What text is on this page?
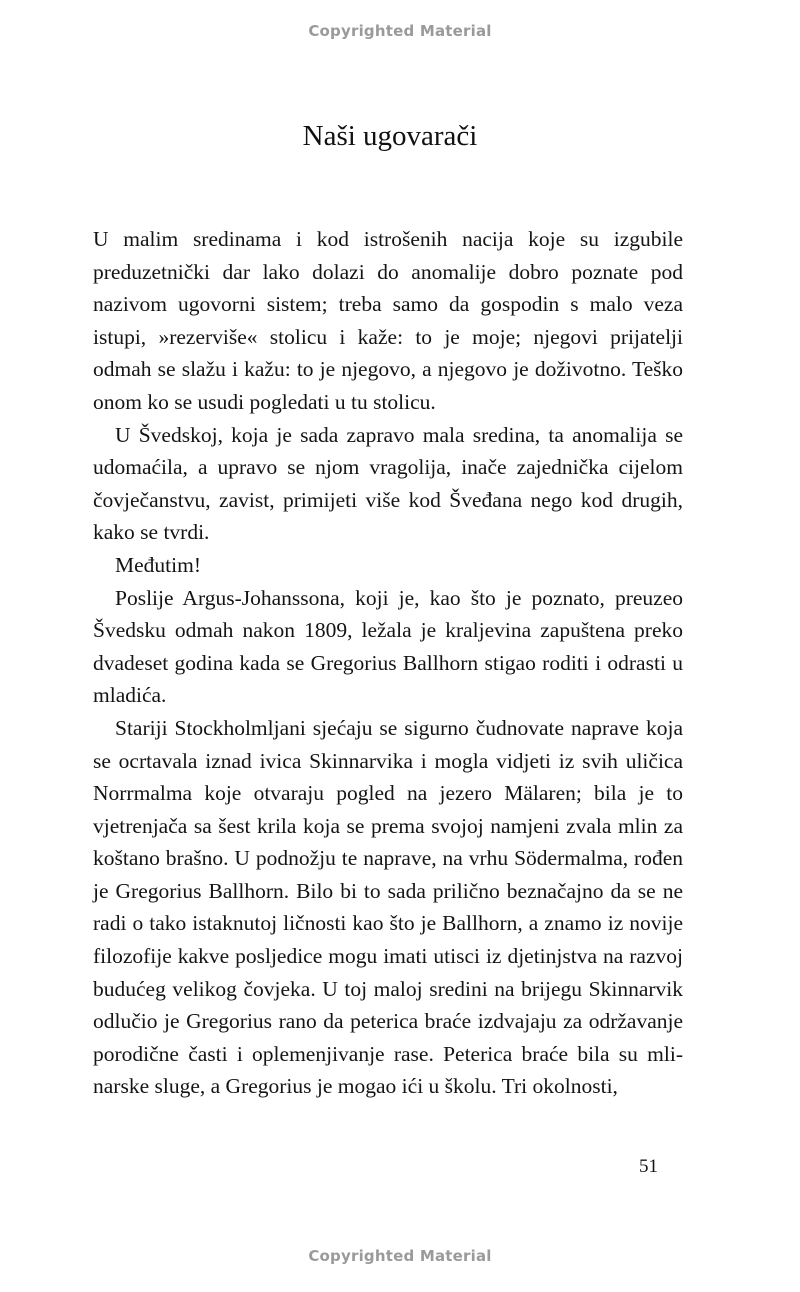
Copyrighted Material
Naši ugovarači

U malim sredinama i kod istrošenih nacija koje su izgubile preduzetnički dar lako dolazi do anomalije dobro poznate pod nazivom ugovorni sistem; treba samo da gospodin s malo veza istupi, »rezerviše« stolicu i kaže: to je moje; njegovi prijatelji odmah se slažu i kažu: to je njegovo, a njegovo je doživotno. Teško onom ko se usudi pogledati u tu stolicu.

U Švedskoj, koja je sada zapravo mala sredina, ta anomalija se udomaćila, a upravo se njom vragolija, inače zajednička cijelom čovječanstvu, zavist, primijeti više kod Šveđana nego kod drugih, kako se tvrdi.

Međutim!

Poslije Argus-Johanssona, koji je, kao što je poznato, preuzeo Švedsku odmah nakon 1809, ležala je kraljevina zapuštena preko dvadeset godina kada se Gregorius Ballhorn stigao roditi i odrasti u mladića.

Stariji Stockholmljani sjećaju se sigurno čudnovate naprave koja se ocrtavala iznad ivica Skinnarvika i mogla vidjeti iz svih uličica Norrmalma koje otvaraju pogled na jezero Mälaren; bila je to vjetrenjača sa šest krila koja se prema svojoj namjeni zvala mlin za koštano brašno. U podnožju te naprave, na vrhu Södermalma, rođen je Gregorius Ballhorn. Bilo bi to sada prilično beznačajno da se ne radi o tako istaknutoj ličnosti kao što je Ballhorn, a znamo iz novije filozofije kakve posljedice mogu imati utisci iz djetinjstva na razvoj budućeg velikog čovjeka. U toj maloj sredini na brijegu Skinnarvik odlučio je Gregorius rano da peterica braće izdvajaju za održavanje porodične časti i oplemenjivanje rase. Peterica braće bila su mlinarske sluge, a Gregorius je mogao ići u školu. Tri okolnosti,

51
Copyrighted Material
